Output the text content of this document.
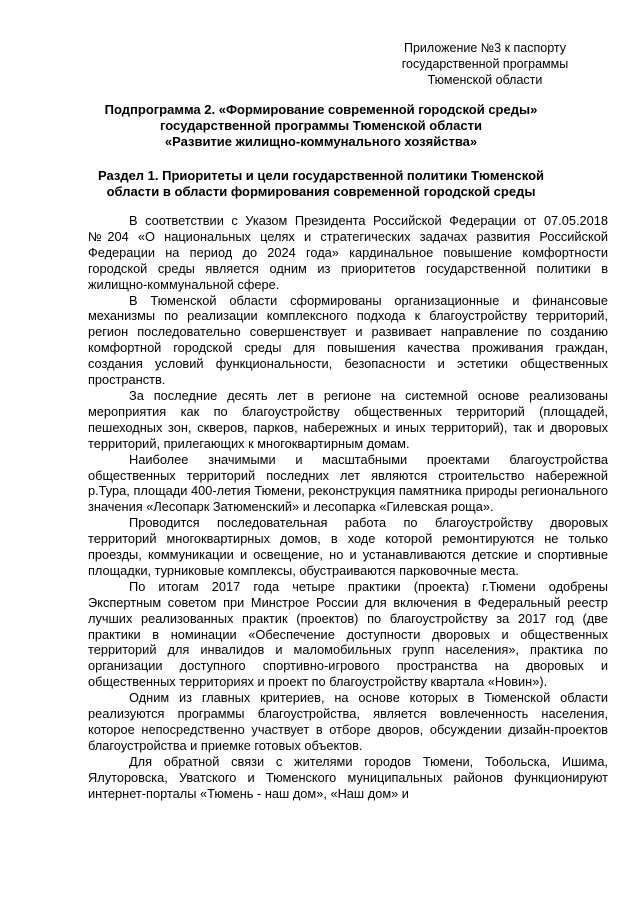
Приложение №3 к паспорту
государственной программы
Тюменской области
Подпрограмма 2. «Формирование современной городской среды»
государственной программы Тюменской области
«Развитие жилищно-коммунального хозяйства»
Раздел 1. Приоритеты и цели государственной политики Тюменской
области в области формирования современной городской среды

В соответствии с Указом Президента Российской Федерации от 07.05.2018 №204 «О национальных целях и стратегических задачах развития Российской Федерации на период до 2024 года» кардинальное повышение комфортности городской среды является одним из приоритетов государственной политики в жилищно-коммунальной сфере.

В Тюменской области сформированы организационные и финансовые механизмы по реализации комплексного подхода к благоустройству территорий, регион последовательно совершенствует и развивает направление по созданию комфортной городской среды для повышения качества проживания граждан, создания условий функциональности, безопасности и эстетики общественных пространств.

За последние десять лет в регионе на системной основе реализованы мероприятия как по благоустройству общественных территорий (площадей, пешеходных зон, скверов, парков, набережных и иных территорий), так и дворовых территорий, прилегающих к многоквартирным домам.

Наиболее значимыми и масштабными проектами благоустройства общественных территорий последних лет являются строительство набережной р.Тура, площади 400-летия Тюмени, реконструкция памятника природы регионального значения «Лесопарк Затюменский» и лесопарка «Гилевская роща».

Проводится последовательная работа по благоустройству дворовых территорий многоквартирных домов, в ходе которой ремонтируются не только проезды, коммуникации и освещение, но и устанавливаются детские и спортивные площадки, турниковые комплексы, обустраиваются парковочные места.

По итогам 2017 года четыре практики (проекта) г.Тюмени одобрены Экспертным советом при Минстрое России для включения в Федеральный реестр лучших реализованных практик (проектов) по благоустройству за 2017 год (две практики в номинации «Обеспечение доступности дворовых и общественных территорий для инвалидов и маломобильных групп населения», практика по организации доступного спортивно-игрового пространства на дворовых и общественных территориях и проект по благоустройству квартала «Новин»).

Одним из главных критериев, на основе которых в Тюменской области реализуются программы благоустройства, является вовлеченность населения, которое непосредственно участвует в отборе дворов, обсуждении дизайн-проектов благоустройства и приемке готовых объектов.

Для обратной связи с жителями городов Тюмени, Тобольска, Ишима, Ялуторовска, Уватского и Тюменского муниципальных районов функционируют интернет-порталы «Тюмень - наш дом», «Наш дом» и
